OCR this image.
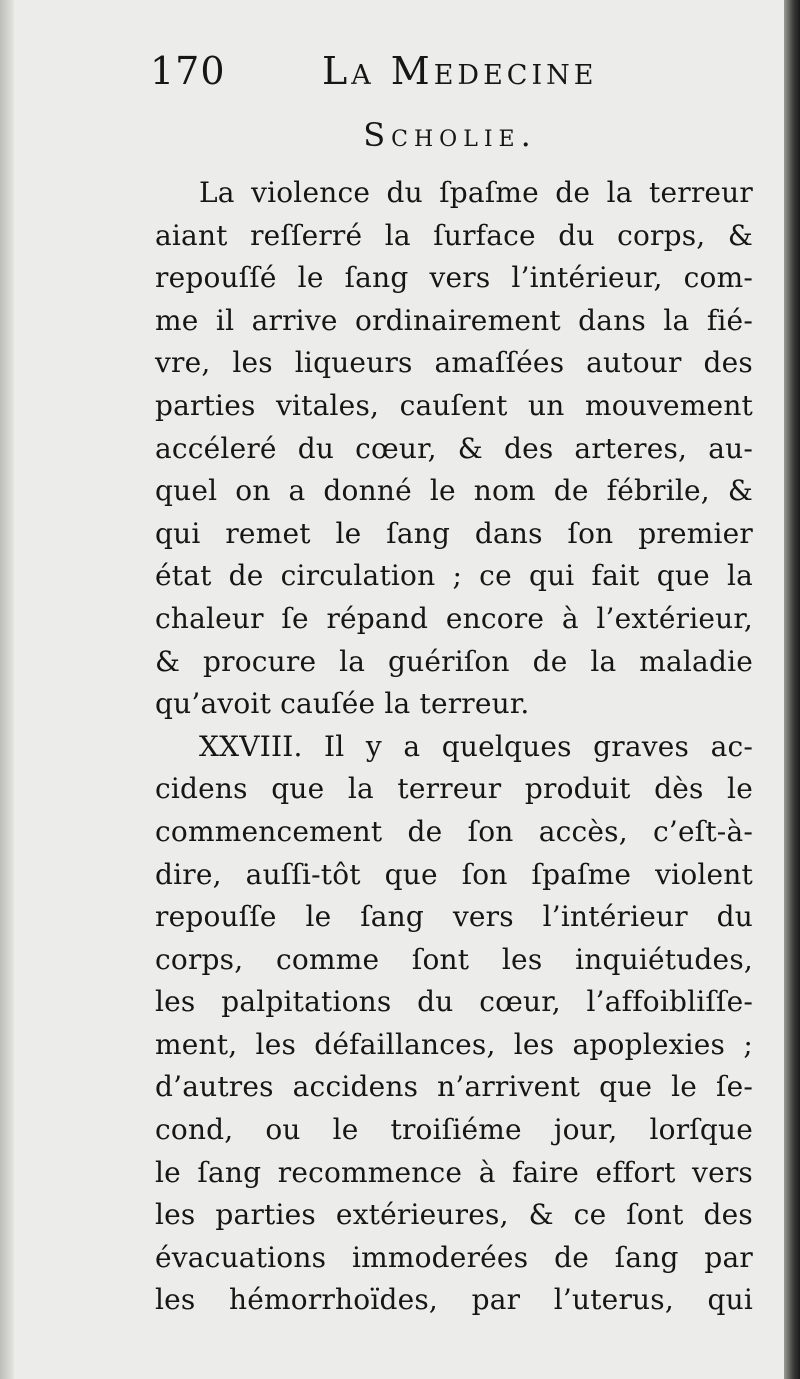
170	La Medecine
Scholie.
La violence du ſpaſme de la terreur
aiant reſſerré la ſurface du corps, &
repouſſé le ſang vers l’intérieur, com-
me il arrive ordinairement dans la fié-
vre, les liqueurs amaſſées autour des
parties vitales, cauſent un mouvement
accéleré du cœur, & des arteres, au-
quel on a donné le nom de fébrile, &
qui remet le ſang dans ſon premier
état de circulation ; ce qui fait que la
chaleur ſe répand encore à l’extérieur,
& procure la guériſon de la maladie
qu’avoit cauſée la terreur.
XXVIII. Il y a quelques graves ac-
cidens que la terreur produit dès le
commencement de ſon accès, c’eſt-à-
dire, auſſi-tôt que ſon ſpaſme violent
repouſſe le ſang vers l’intérieur du
corps, comme ſont les inquiétudes,
les palpitations du cœur, l’affoibliſſe-
ment, les défaillances, les apoplexies ;
d’autres accidens n’arrivent que le ſe-
cond, ou le troiſiéme jour, lorſque
le ſang recommence à faire effort vers
les parties extérieures, & ce ſont des
évacuations immoderées de ſang par
les hémorrhoïdes, par l’uterus, qui
